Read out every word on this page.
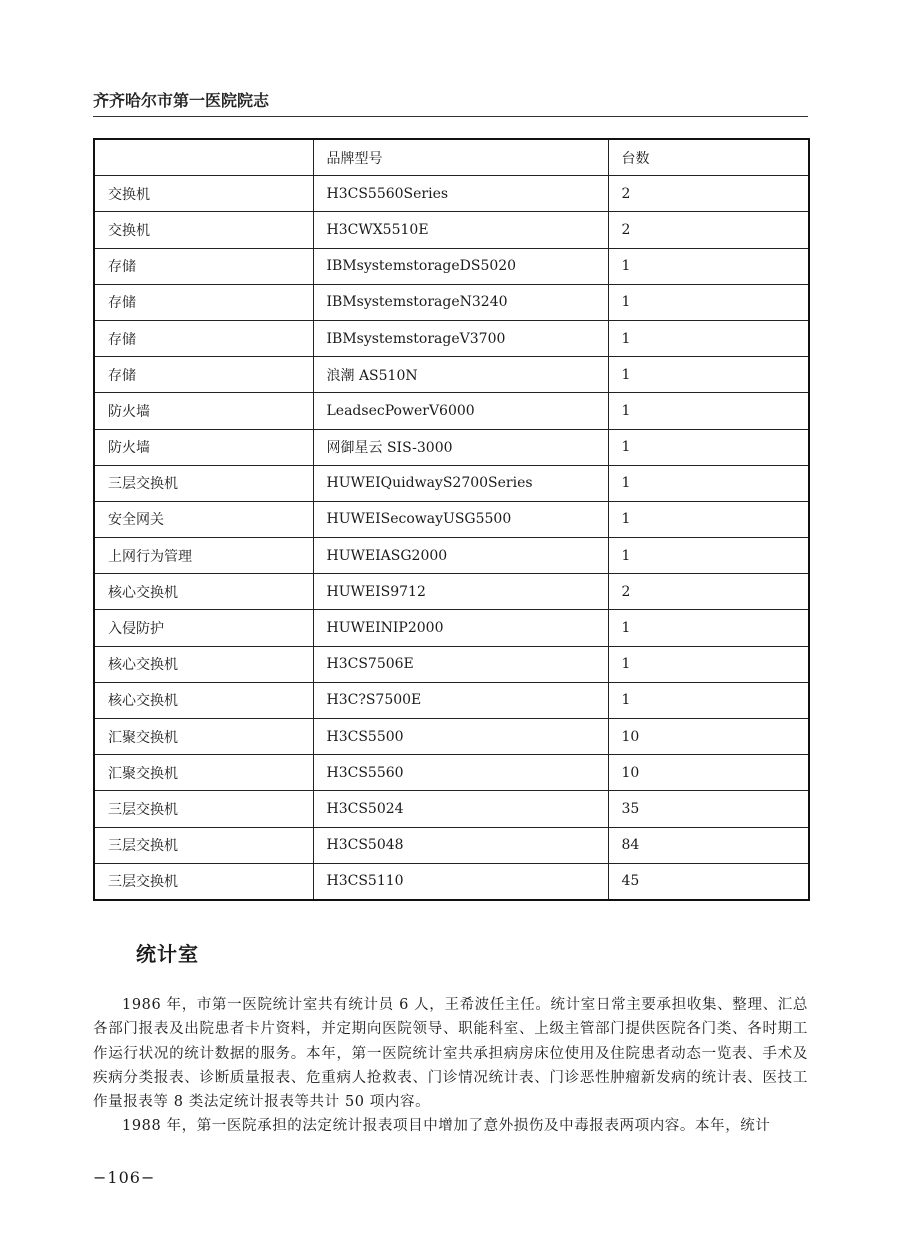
齐齐哈尔市第一医院院志
	品牌型号	台数
交换机	H3CS5560Series	2
交换机	H3CWX5510E	2
存储	IBMsystemstorageDS5020	1
存储	IBMsystemstorageN3240	1
存储	IBMsystemstorageV3700	1
存储	浪潮 AS510N	1
防火墙	LeadsecPowerV6000	1
防火墙	网御星云 SIS-3000	1
三层交换机	HUWEIQuidwayS2700Series	1
安全网关	HUWEISecowayUSG5500	1
上网行为管理	HUWEIASG2000	1
核心交换机	HUWEIS9712	2
入侵防护	HUWEINIP2000	1
核心交换机	H3CS7506E	1
核心交换机	H3C?S7500E	1
汇聚交换机	H3CS5500	10
汇聚交换机	H3CS5560	10
三层交换机	H3CS5024	35
三层交换机	H3CS5048	84
三层交换机	H3CS5110	45
统计室

1986 年，市第一医院统计室共有统计员 6 人，王希波任主任。统计室日常主要承担收集、整理、汇总各部门报表及出院患者卡片资料，并定期向医院领导、职能科室、上级主管部门提供医院各门类、各时期工作运行状况的统计数据的服务。本年，第一医院统计室共承担病房床位使用及住院患者动态一览表、手术及疾病分类报表、诊断质量报表、危重病人抢救表、门诊情况统计表、门诊恶性肿瘤新发病的统计表、医技工作量报表等 8 类法定统计报表等共计 50 项内容。

1988 年，第一医院承担的法定统计报表项目中增加了意外损伤及中毒报表两项内容。本年，统计

−106−
